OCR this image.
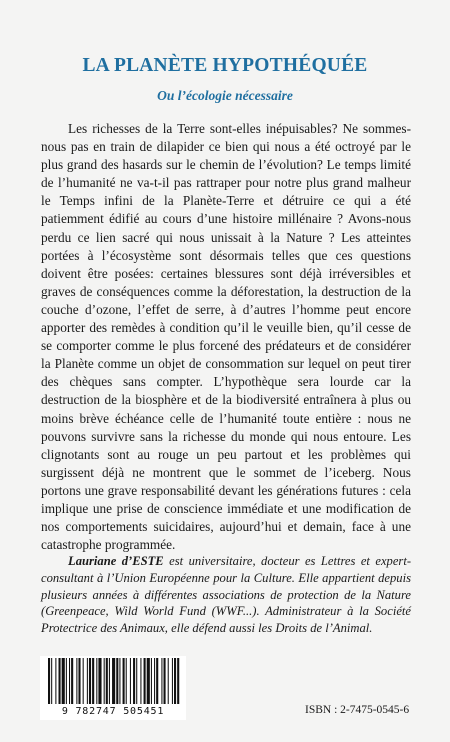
LA PLANÈTE HYPOTHÉQUÉE
Ou l’écologie nécessaire

Les richesses de la Terre sont-elles inépuisables? Ne sommes-nous pas en train de dilapider ce bien qui nous a été octroyé par le plus grand des hasards sur le chemin de l’évolution? Le temps limité de l’humanité ne va-t-il pas rattraper pour notre plus grand malheur le Temps infini de la Planète-Terre et détruire ce qui a été patiemment édifié au cours d’une histoire millénaire ? Avons-nous perdu ce lien sacré qui nous unissait à la Nature ? Les atteintes portées à l’écosystème sont désormais telles que ces questions doivent être posées: certaines blessures sont déjà irréversibles et graves de conséquences comme la déforestation, la destruction de la couche d’ozone, l’effet de serre, à d’autres l’homme peut encore apporter des remèdes à condition qu’il le veuille bien, qu’il cesse de se comporter comme le plus forcené des prédateurs et de considérer la Planète comme un objet de consommation sur lequel on peut tirer des chèques sans compter. L’hypothèque sera lourde car la destruction de la biosphère et de la biodiversité entraînera à plus ou moins brève échéance celle de l’humanité toute entière : nous ne pouvons survivre sans la richesse du monde qui nous entoure. Les clignotants sont au rouge un peu partout et les problèmes qui surgissent déjà ne montrent que le sommet de l’iceberg. Nous portons une grave responsabilité devant les générations futures : cela implique une prise de conscience immédiate et une modification de nos comportements suicidaires, aujourd’hui et demain, face à une catastrophe programmée.

Lauriane d’ESTE est universitaire, docteur es Lettres et expert-consultant à l’Union Européenne pour la Culture. Elle appartient depuis plusieurs années à différentes associations de protection de la Nature (Greenpeace, Wild World Fund (WWF...). Administrateur à la Société Protectrice des Animaux, elle défend aussi les Droits de l’Animal.

9 782747 505451	ISBN : 2-7475-0545-6
